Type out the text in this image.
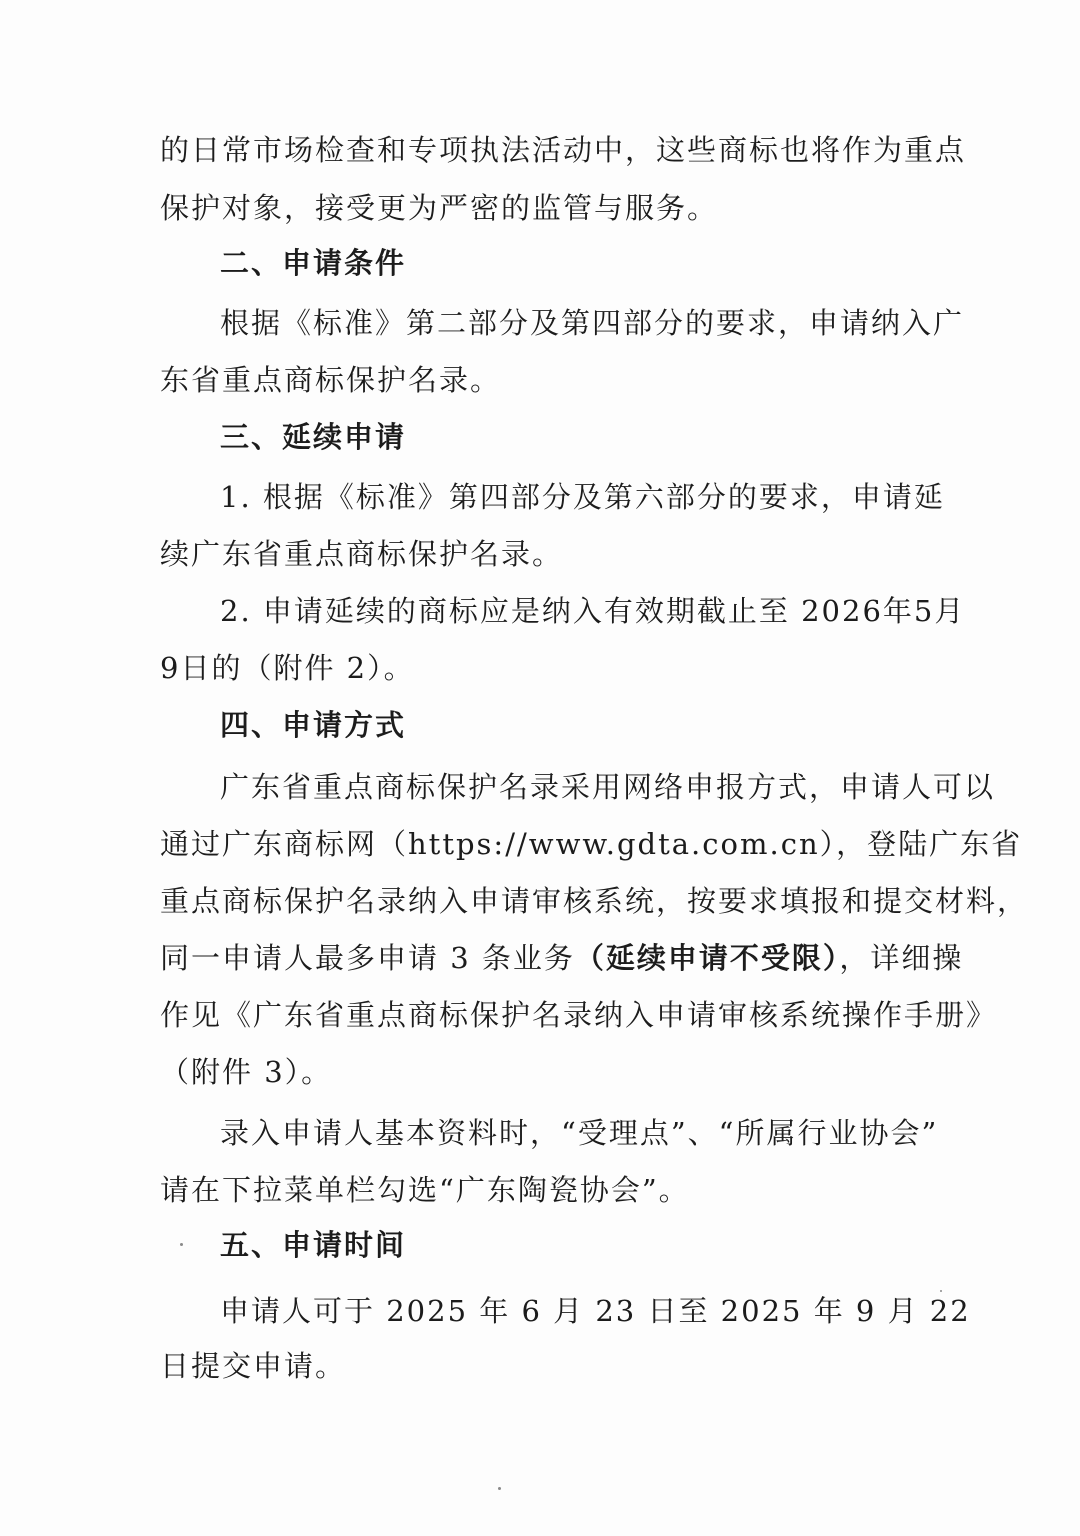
的日常市场检查和专项执法活动中，这些商标也将作为重点
保护对象，接受更为严密的监管与服务。
二、申请条件
根据《标准》第二部分及第四部分的要求，申请纳入广
东省重点商标保护名录。
三、延续申请
1. 根据《标准》第四部分及第六部分的要求，申请延
续广东省重点商标保护名录。
2. 申请延续的商标应是纳入有效期截止至 2026年5月
9日的（附件 2）。
四、申请方式
广东省重点商标保护名录采用网络申报方式，申请人可以
通过广东商标网（https://www.gdta.com.cn），登陆广东省
重点商标保护名录纳入申请审核系统，按要求填报和提交材料，
同一申请人最多申请 3 条业务（延续申请不受限），详细操
作见《广东省重点商标保护名录纳入申请审核系统操作手册》
（附件 3）。
录入申请人基本资料时，“受理点”、“所属行业协会”
请在下拉菜单栏勾选“广东陶瓷协会”。
五、申请时间
申请人可于 2025 年 6 月 23 日至 2025 年 9 月 22
日提交申请。
